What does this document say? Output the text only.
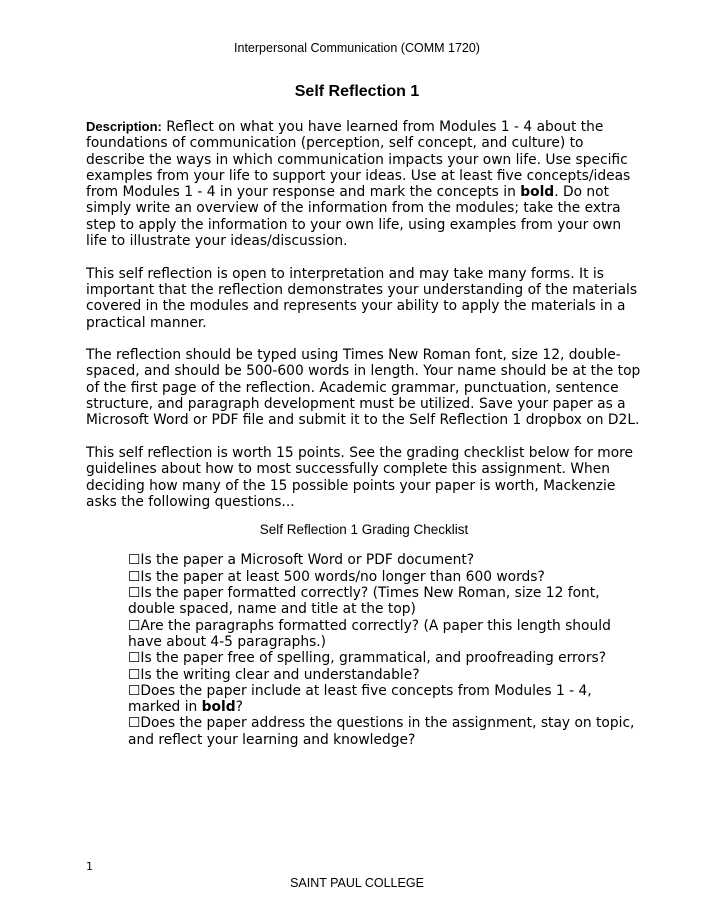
Interpersonal Communication (COMM 1720)
Self Reflection 1

Description: Reflect on what you have learned from Modules 1 - 4 about the foundations of communication (perception, self concept, and culture) to describe the ways in which communication impacts your own life. Use specific examples from your life to support your ideas. Use at least five concepts/ideas from Modules 1 - 4 in your response and mark the concepts in bold. Do not simply write an overview of the information from the modules; take the extra step to apply the information to your own life, using examples from your own life to illustrate your ideas/discussion.

This self reflection is open to interpretation and may take many forms. It is important that the reflection demonstrates your understanding of the materials covered in the modules and represents your ability to apply the materials in a practical manner.

The reflection should be typed using Times New Roman font, size 12, double-spaced, and should be 500-600 words in length. Your name should be at the top of the first page of the reflection. Academic grammar, punctuation, sentence structure, and paragraph development must be utilized. Save your paper as a Microsoft Word or PDF file and submit it to the Self Reflection 1 dropbox on D2L.

This self reflection is worth 15 points. See the grading checklist below for more guidelines about how to most successfully complete this assignment. When deciding how many of the 15 possible points your paper is worth, Mackenzie asks the following questions...

Self Reflection 1 Grading Checklist
☐Is the paper a Microsoft Word or PDF document?
☐Is the paper at least 500 words/no longer than 600 words?
☐Is the paper formatted correctly? (Times New Roman, size 12 font, double spaced, name and title at the top)
☐Are the paragraphs formatted correctly? (A paper this length should have about 4-5 paragraphs.)
☐Is the paper free of spelling, grammatical, and proofreading errors?
☐Is the writing clear and understandable?
☐Does the paper include at least five concepts from Modules 1 - 4, marked in bold?
☐Does the paper address the questions in the assignment, stay on topic, and reflect your learning and knowledge?
1
SAINT PAUL COLLEGE
